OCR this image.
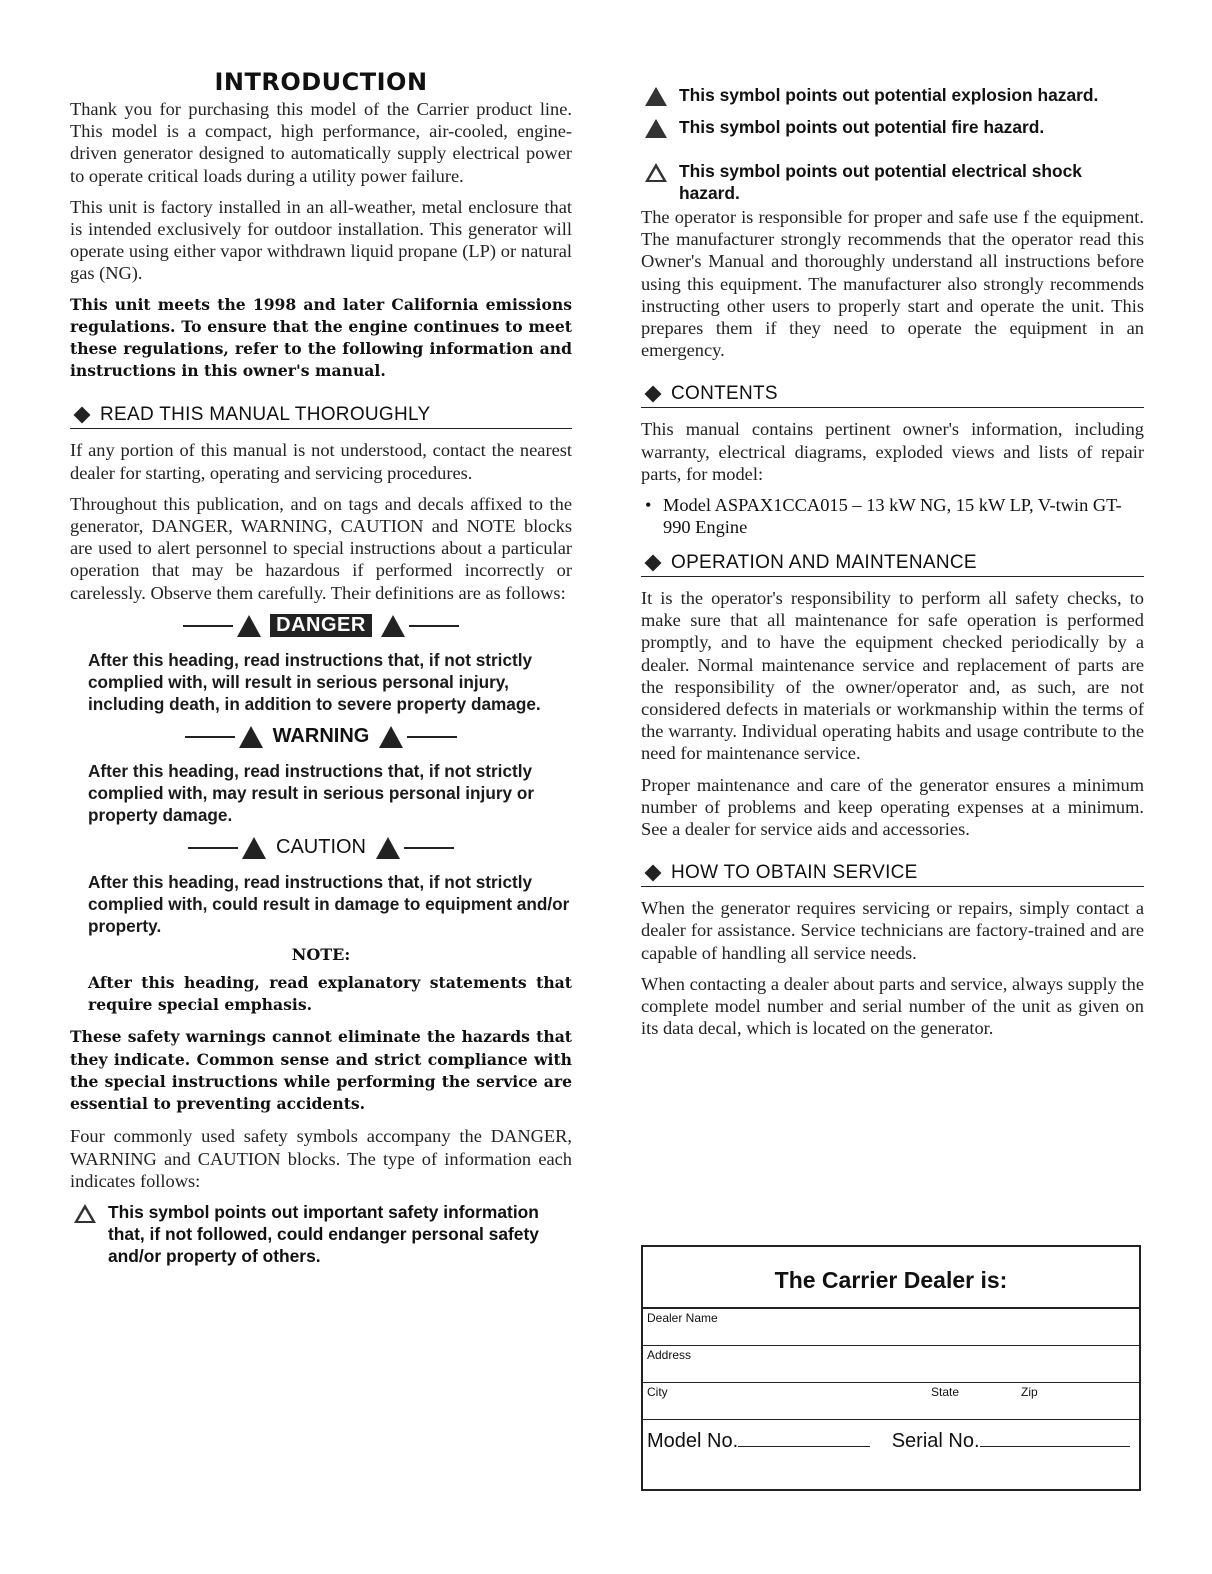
INTRODUCTION

Thank you for purchasing this model of the Carrier product line. This model is a compact, high performance, air-cooled, engine-driven generator designed to automatically supply electrical power to operate critical loads during a utility power failure.

This unit is factory installed in an all-weather, metal enclosure that is intended exclusively for outdoor installation. This generator will operate using either vapor withdrawn liquid propane (LP) or natural gas (NG).

This unit meets the 1998 and later California emissions regulations. To ensure that the engine continues to meet these regulations, refer to the following information and instructions in this owner's manual.

READ THIS MANUAL THOROUGHLY

If any portion of this manual is not understood, contact the nearest dealer for starting, operating and servicing procedures.

Throughout this publication, and on tags and decals affixed to the generator, DANGER, WARNING, CAUTION and NOTE blocks are used to alert personnel to special instructions about a particular operation that may be hazardous if performed incorrectly or carelessly. Observe them carefully. Their definitions are as follows:

DANGER

After this heading, read instructions that, if not strictly complied with, will result in serious personal injury, including death, in addition to severe property damage.

WARNING

After this heading, read instructions that, if not strictly complied with, may result in serious personal injury or property damage.

CAUTION

After this heading, read instructions that, if not strictly complied with, could result in damage to equipment and/or property.

NOTE:

After this heading, read explanatory statements that require special emphasis.

These safety warnings cannot eliminate the hazards that they indicate. Common sense and strict compliance with the special instructions while performing the service are essential to preventing accidents.

Four commonly used safety symbols accompany the DANGER, WARNING and CAUTION blocks. The type of information each indicates follows:

This symbol points out important safety information that, if not followed, could endanger personal safety and/or property of others.
This symbol points out potential explosion hazard.
This symbol points out potential fire hazard.
This symbol points out potential electrical shock hazard.

The operator is responsible for proper and safe use f the equipment. The manufacturer strongly recommends that the operator read this Owner's Manual and thoroughly understand all instructions before using this equipment. The manufacturer also strongly recommends instructing other users to properly start and operate the unit. This prepares them if they need to operate the equipment in an emergency.

CONTENTS

This manual contains pertinent owner's information, including warranty, electrical diagrams, exploded views and lists of repair parts, for model:

• Model ASPAX1CCA015 – 13 kW NG, 15 kW LP, V-twin GT-990 Engine
OPERATION AND MAINTENANCE

It is the operator's responsibility to perform all safety checks, to make sure that all maintenance for safe operation is performed promptly, and to have the equipment checked periodically by a dealer. Normal maintenance service and replacement of parts are the responsibility of the owner/operator and, as such, are not considered defects in materials or workmanship within the terms of the warranty. Individual operating habits and usage contribute to the need for maintenance service.

Proper maintenance and care of the generator ensures a minimum number of problems and keep operating expenses at a minimum. See a dealer for service aids and accessories.

HOW TO OBTAIN SERVICE

When the generator requires servicing or repairs, simply contact a dealer for assistance. Service technicians are factory-trained and are capable of handling all service needs.

When contacting a dealer about parts and service, always supply the complete model number and serial number of the unit as given on its data decal, which is located on the generator.

The Carrier Dealer is:
Dealer Name
Address
City	State	Zip
Model No.	Serial No.
